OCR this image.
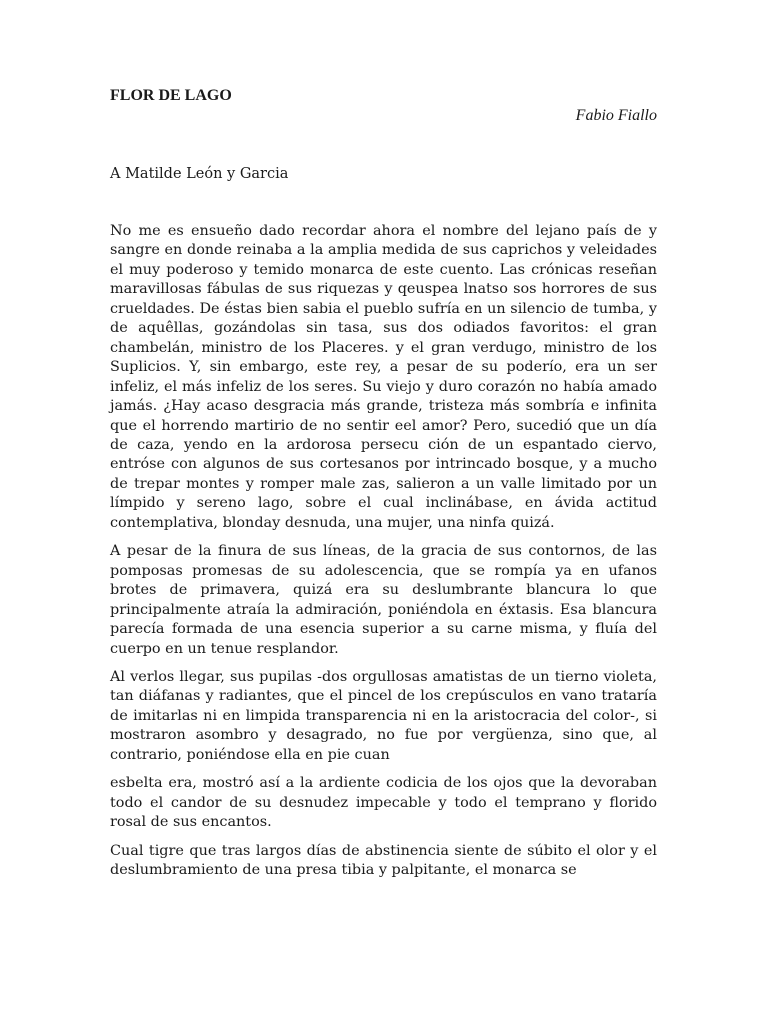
FLOR DE LAGO

Fabio Fiallo

A Matilde León y Garcia

No me es ensueño dado recordar ahora el nombre del lejano país de y sangre en donde reinaba a la amplia medida de sus caprichos y veleidades el muy poderoso y temido monarca de este cuento. Las crónicas reseñan maravillosas fábulas de sus riquezas y qeuspea lnatso sos horrores de sus crueldades. De éstas bien sabia el pueblo sufría en un silencio de tumba, y de aquêllas, gozándolas sin tasa, sus dos odiados favoritos: el gran chambelán, ministro de los Placeres. y el gran verdugo, ministro de los Suplicios. Y, sin embargo, este rey, a pesar de su poderío, era un ser infeliz, el más infeliz de los seres. Su viejo y duro corazón no había amado jamás. ¿Hay acaso desgracia más grande, tristeza más sombría e infinita que el horrendo martirio de no sentir eel amor? Pero, sucedió que un día de caza, yendo en la ardorosa persecu ción de un espantado ciervo, entróse con algunos de sus cortesanos por intrincado bosque, y a mucho de trepar montes y romper male zas, salieron a un valle limitado por un límpido y sereno lago, sobre el cual inclinábase, en ávida actitud contemplativa, blonday desnuda, una mujer, una ninfa quizá.

A pesar de la finura de sus líneas, de la gracia de sus contornos, de las pomposas promesas de su adolescencia, que se rompía ya en ufanos brotes de primavera, quizá era su deslumbrante blancura lo que principalmente atraía la admiración, poniéndola en éxtasis. Esa blancura parecía formada de una esencia superior a su carne misma, y fluía del cuerpo en un tenue resplandor.

Al verlos llegar, sus pupilas -dos orgullosas amatistas de un tierno violeta, tan diáfanas y radiantes, que el pincel de los crepúsculos en vano trataría de imitarlas ni en limpida transparencia ni en la aristocracia del color-, si mostraron asombro y desagrado, no fue por vergüenza, sino que, al contrario, poniéndose ella en pie cuan

esbelta era, mostró así a la ardiente codicia de los ojos que la devoraban todo el candor de su desnudez impecable y todo el temprano y florido rosal de sus encantos.

Cual tigre que tras largos días de abstinencia siente de súbito el olor y el deslumbramiento de una presa tibia y palpitante, el monarca se
